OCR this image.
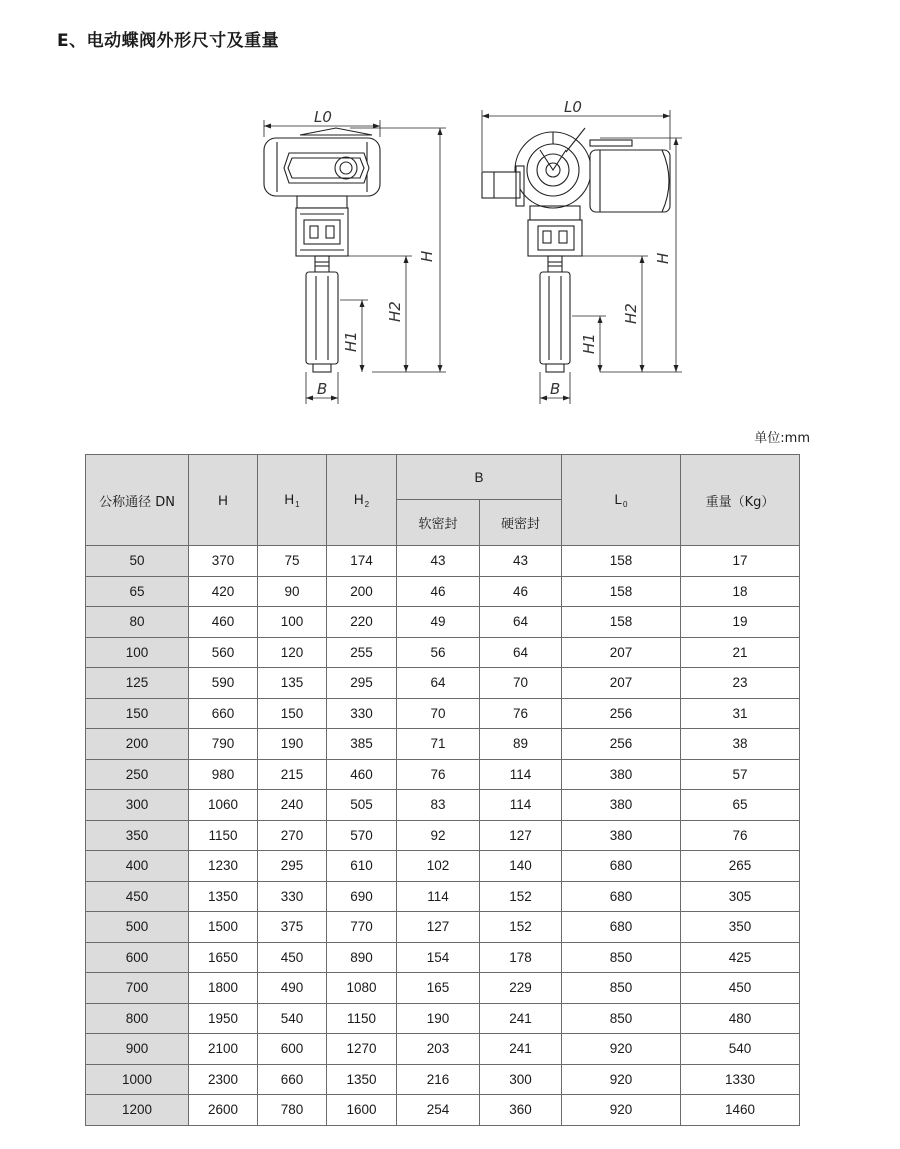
E、电动蝶阀外形尺寸及重量
L0
H
H2
H1
B
L0
H
H2
H1
B
单位:mm
公称通径 DN	H	$H_1$	$H_2$	B		$L_0$	重量（Kg）
				软密封	硬密封		
50	370	75	174	43	43	158	17
65	420	90	200	46	46	158	18
80	460	100	220	49	64	158	19
100	560	120	255	56	64	207	21
125	590	135	295	64	70	207	23
150	660	150	330	70	76	256	31
200	790	190	385	71	89	256	38
250	980	215	460	76	114	380	57
300	1060	240	505	83	114	380	65
350	1150	270	570	92	127	380	76
400	1230	295	610	102	140	680	265
450	1350	330	690	114	152	680	305
500	1500	375	770	127	152	680	350
600	1650	450	890	154	178	850	425
700	1800	490	1080	165	229	850	450
800	1950	540	1150	190	241	850	480
900	2100	600	1270	203	241	920	540
1000	2300	660	1350	216	300	920	1330
1200	2600	780	1600	254	360	920	1460
